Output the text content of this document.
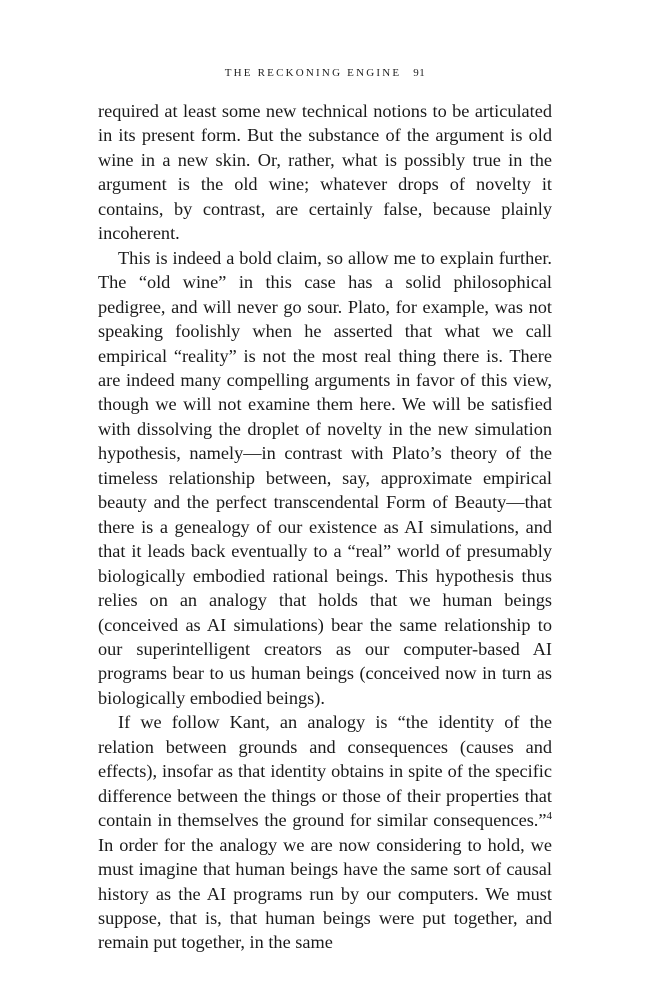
THE RECKONING ENGINE 91

required at least some new technical notions to be articulated in its present form. But the substance of the argument is old wine in a new skin. Or, rather, what is possibly true in the argument is the old wine; whatever drops of novelty it contains, by contrast, are certainly false, because plainly incoherent.

This is indeed a bold claim, so allow me to explain further. The “old wine” in this case has a solid philosophical pedigree, and will never go sour. Plato, for example, was not speaking foolishly when he asserted that what we call empirical “reality” is not the most real thing there is. There are indeed many compelling arguments in favor of this view, though we will not examine them here. We will be satisfied with dissolving the droplet of novelty in the new simulation hypothesis, namely—in contrast with Plato’s theory of the timeless relationship between, say, approximate empirical beauty and the perfect transcendental Form of Beauty—that there is a genealogy of our existence as AI simulations, and that it leads back eventually to a “real” world of presumably biologically embodied rational beings. This hypothesis thus relies on an analogy that holds that we human beings (conceived as AI simulations) bear the same relationship to our superintelligent creators as our computer-based AI programs bear to us human beings (conceived now in turn as biologically embodied beings).

If we follow Kant, an analogy is “the identity of the relation between grounds and consequences (causes and effects), insofar as that identity obtains in spite of the specific difference between the things or those of their properties that contain in themselves the ground for similar consequences.”$^4$ In order for the analogy we are now considering to hold, we must imagine that human beings have the same sort of causal history as the AI programs run by our computers. We must suppose, that is, that human beings were put together, and remain put together, in the same
